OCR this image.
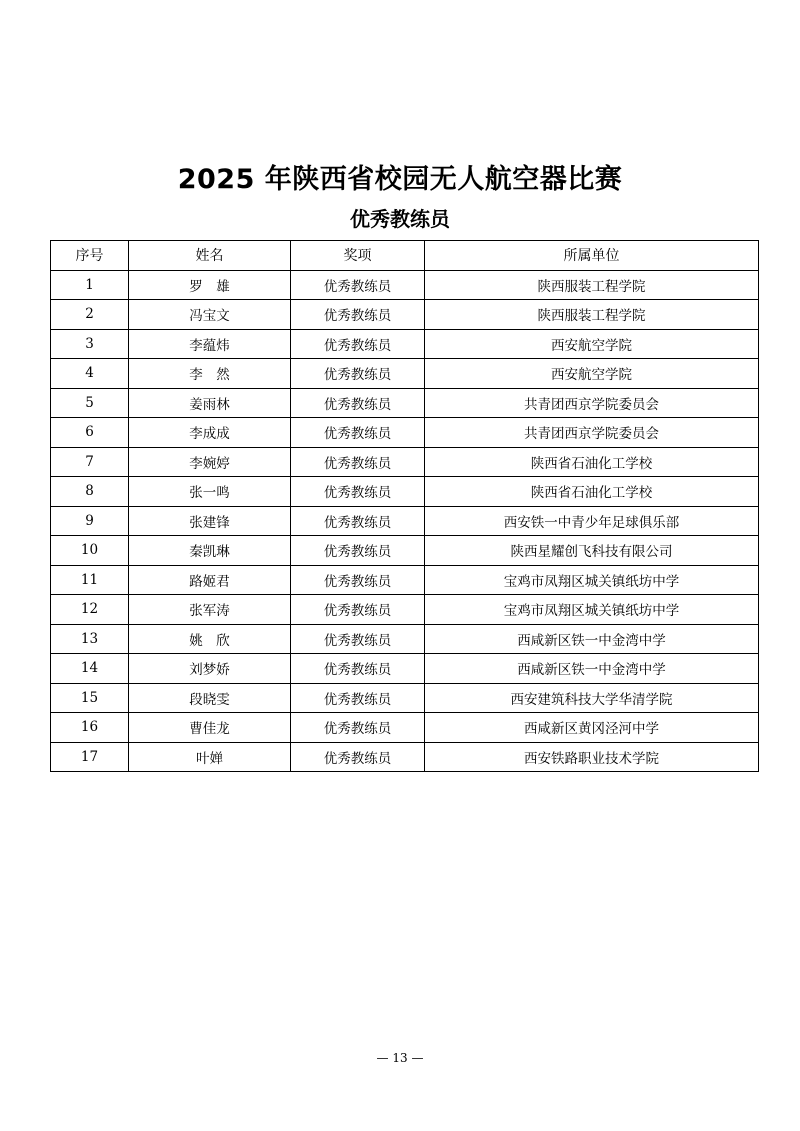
2025 年陕西省校园无人航空器比赛
优秀教练员
序号	姓名	奖项	所属单位
1	罗　雄	优秀教练员	陕西服装工程学院
2	冯宝文	优秀教练员	陕西服装工程学院
3	李蕴炜	优秀教练员	西安航空学院
4	李　然	优秀教练员	西安航空学院
5	姜雨林	优秀教练员	共青团西京学院委员会
6	李成成	优秀教练员	共青团西京学院委员会
7	李婉婷	优秀教练员	陕西省石油化工学校
8	张一鸣	优秀教练员	陕西省石油化工学校
9	张建锋	优秀教练员	西安铁一中青少年足球俱乐部
10	秦凯琳	优秀教练员	陕西星耀创飞科技有限公司
11	路姬君	优秀教练员	宝鸡市凤翔区城关镇纸坊中学
12	张军涛	优秀教练员	宝鸡市凤翔区城关镇纸坊中学
13	姚　欣	优秀教练员	西咸新区铁一中金湾中学
14	刘梦娇	优秀教练员	西咸新区铁一中金湾中学
15	段晓雯	优秀教练员	西安建筑科技大学华清学院
16	曹佳龙	优秀教练员	西咸新区黄冈泾河中学
17	叶婵	优秀教练员	西安铁路职业技术学院
— 13 —
